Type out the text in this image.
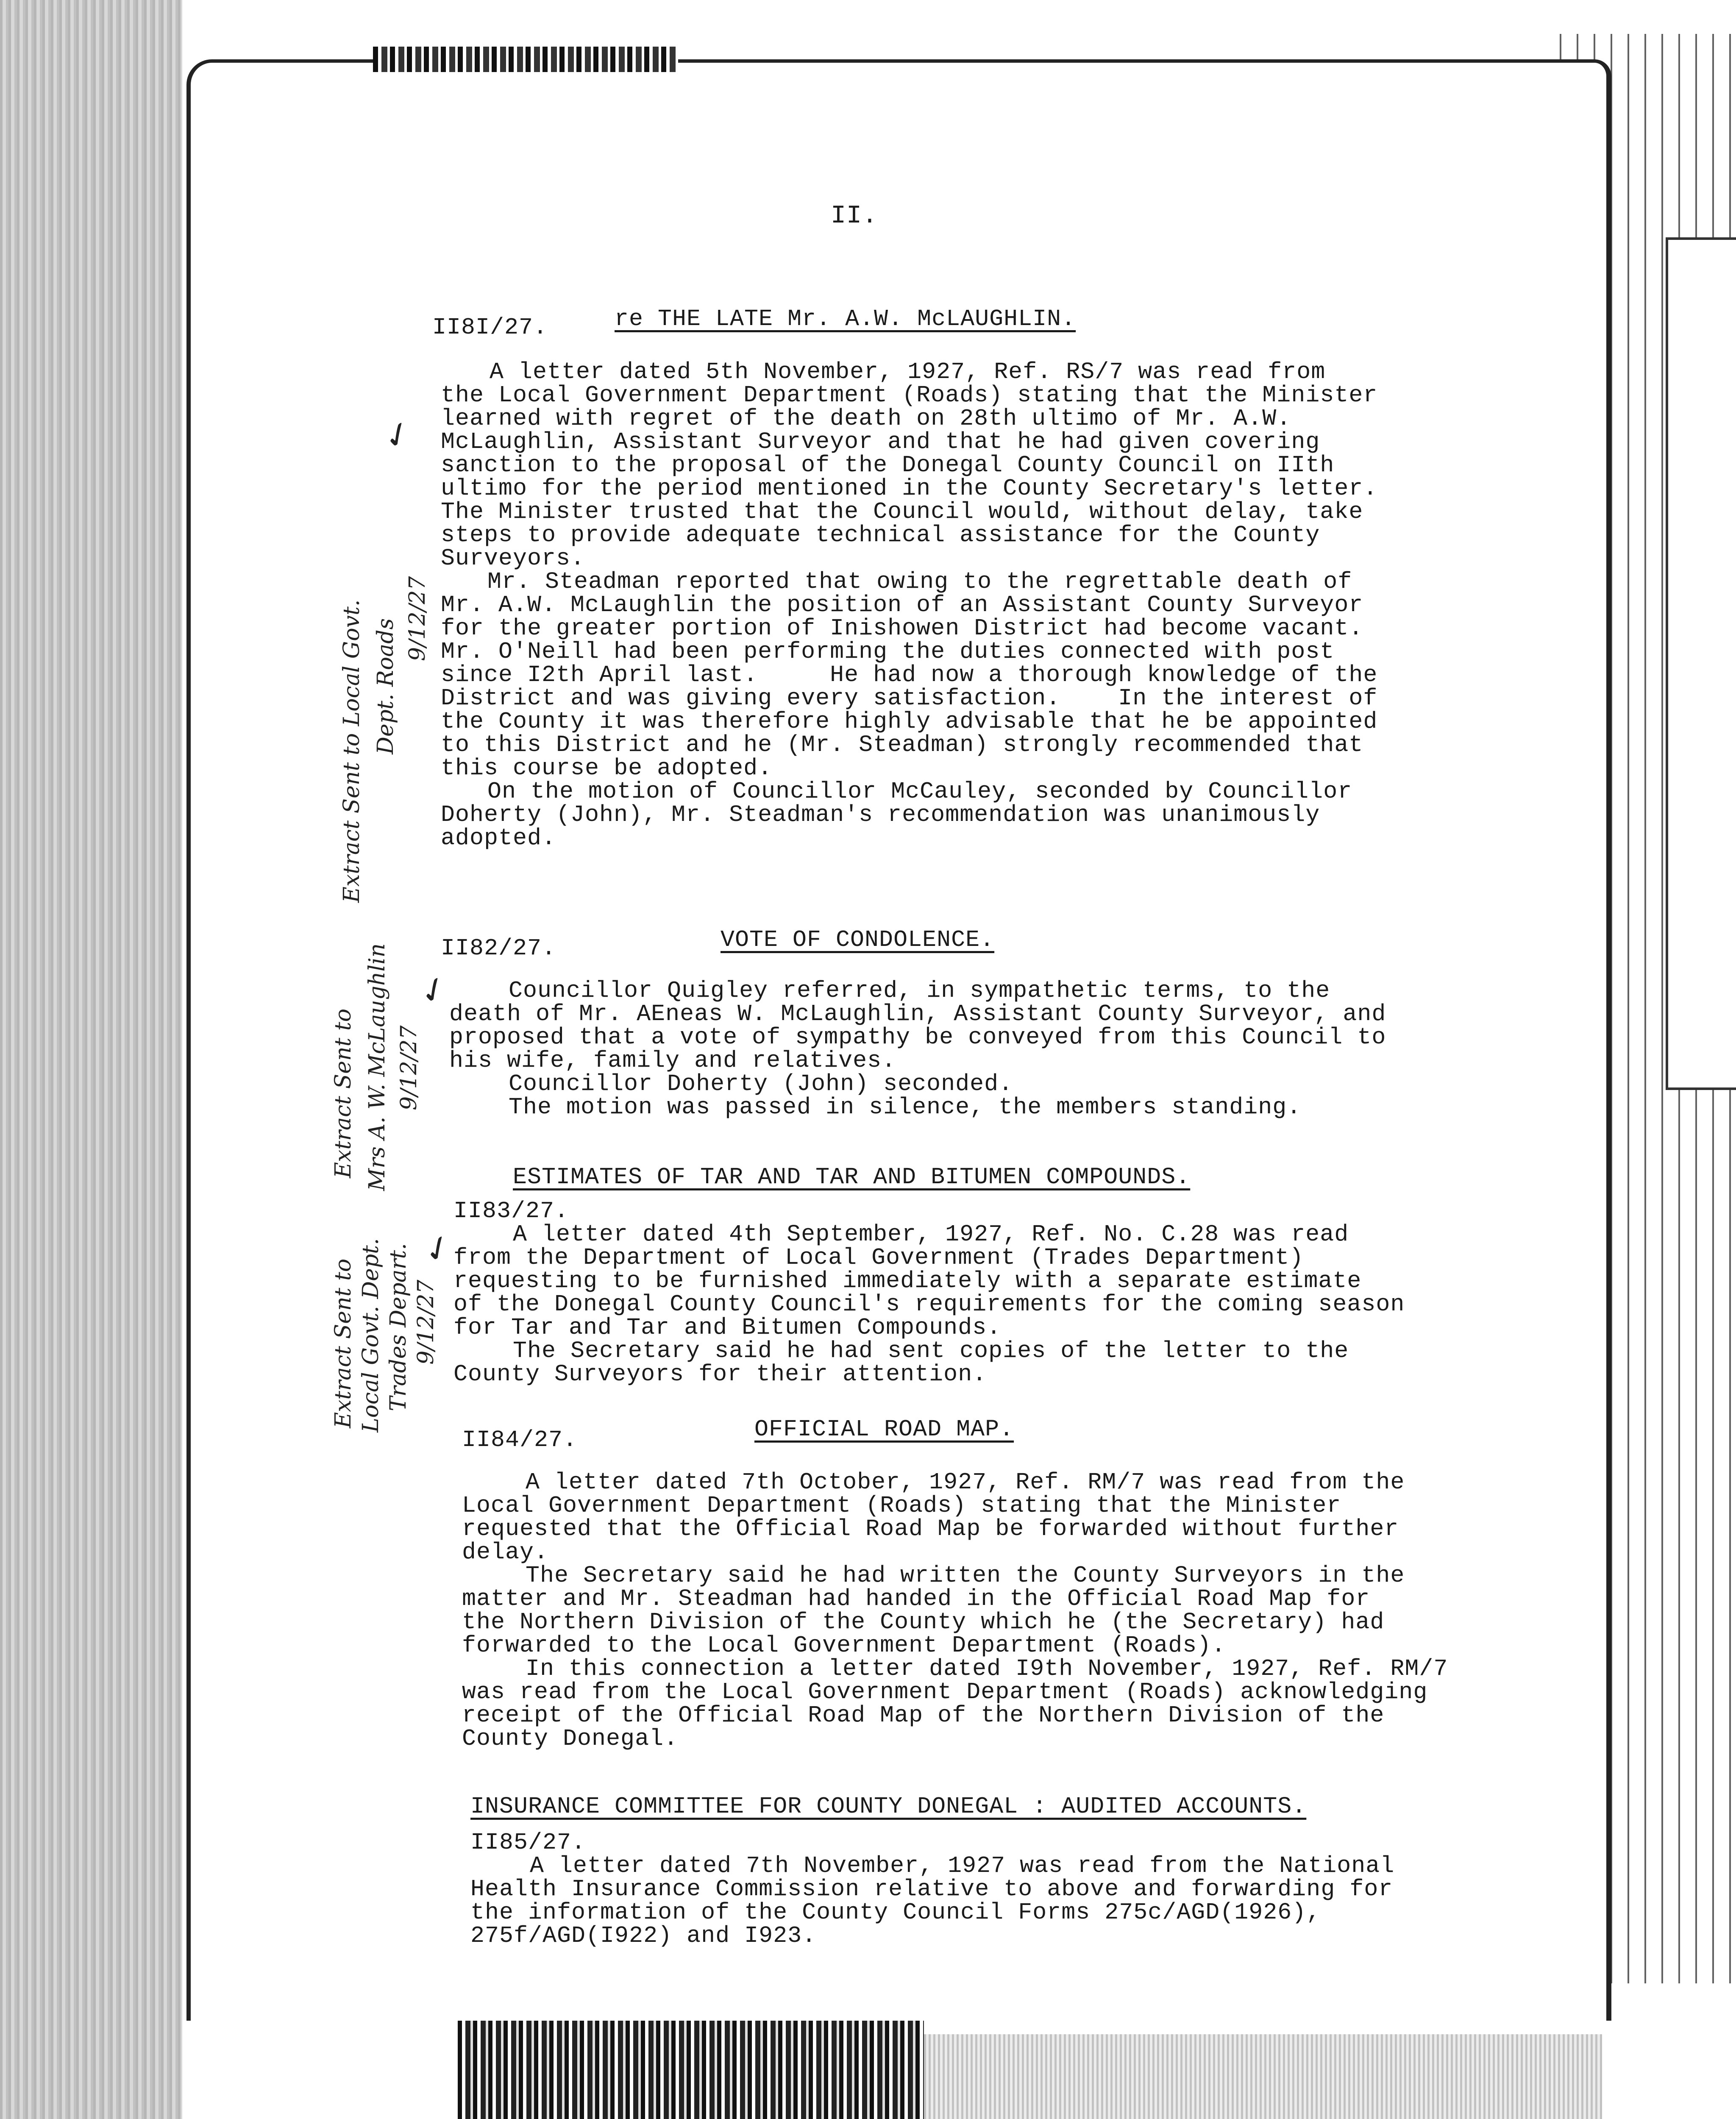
II.
II8I/27.	re THE LATE Mr. A.W. McLAUGHLIN.
A letter dated 5th November, 1927, Ref. RS/7 was read from
the Local Government Department (Roads) stating that the Minister
learned with regret of the death on 28th ultimo of Mr. A.W.
McLaughlin, Assistant Surveyor and that he had given covering
sanction to the proposal of the Donegal County Council on IIth
ultimo for the period mentioned in the County Secretary's letter.
The Minister trusted that the Council would, without delay, take
steps to provide adequate technical assistance for the County
Surveyors.
Mr. Steadman reported that owing to the regrettable death of
Mr. A.W. McLaughlin the position of an Assistant County Surveyor
for the greater portion of Inishowen District had become vacant.
Mr. O'Neill had been performing the duties connected with post
since I2th April last.     He had now a thorough knowledge of the
District and was giving every satisfaction.    In the interest of
the County it was therefore highly advisable that he be appointed
to this District and he (Mr. Steadman) strongly recommended that
this course be adopted.
On the motion of Councillor McCauley, seconded by Councillor
Doherty (John), Mr. Steadman's recommendation was unanimously
adopted.
II82/27.	VOTE OF CONDOLENCE.
Councillor Quigley referred, in sympathetic terms, to the
death of Mr. AEneas W. McLaughlin, Assistant County Surveyor, and
proposed that a vote of sympathy be conveyed from this Council to
his wife, family and relatives.
Councillor Doherty (John) seconded.
The motion was passed in silence, the members standing.
ESTIMATES OF TAR AND TAR AND BITUMEN COMPOUNDS.
II83/27.
A letter dated 4th September, 1927, Ref. No. C.28 was read
from the Department of Local Government (Trades Department)
requesting to be furnished immediately with a separate estimate
of the Donegal County Council's requirements for the coming season
for Tar and Tar and Bitumen Compounds.
The Secretary said he had sent copies of the letter to the
County Surveyors for their attention.
II84/27.	OFFICIAL ROAD MAP.
A letter dated 7th October, 1927, Ref. RM/7 was read from the
Local Government Department (Roads) stating that the Minister
requested that the Official Road Map be forwarded without further
delay.
The Secretary said he had written the County Surveyors in the
matter and Mr. Steadman had handed in the Official Road Map for
the Northern Division of the County which he (the Secretary) had
forwarded to the Local Government Department (Roads).
In this connection a letter dated I9th November, 1927, Ref. RM/7
was read from the Local Government Department (Roads) acknowledging
receipt of the Official Road Map of the Northern Division of the
County Donegal.
INSURANCE COMMITTEE FOR COUNTY DONEGAL : AUDITED ACCOUNTS.
II85/27.
A letter dated 7th November, 1927 was read from the National
Health Insurance Commission relative to above and forwarding for
the information of the County Council Forms 275c/AGD(1926),
275f/AGD(I922) and I923.
Extract Sent to Local Govt. Dept. Roads 9/12/27
✓
Extract Sent to Mrs A. W. McLaughlin 9/12/27
✓
Extract Sent to Local Govt. Dept. Trades Depart. 9/12/27
✓
